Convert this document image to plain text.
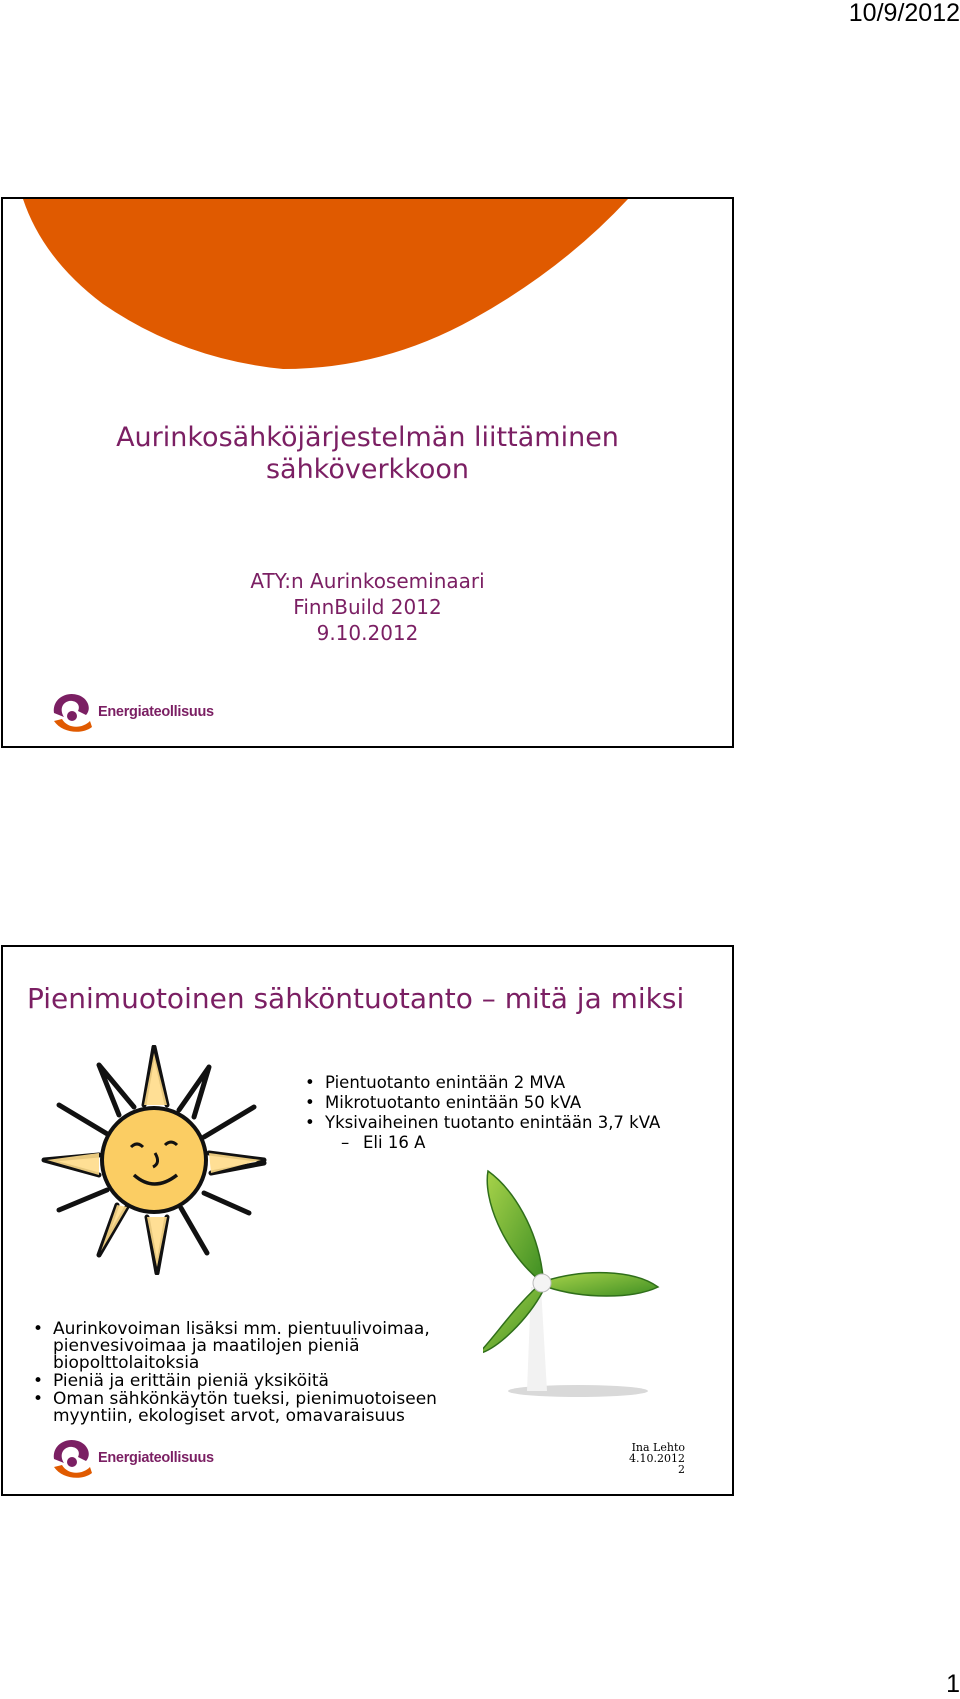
10/9/2012
Aurinkosähköjärjestelmän liittäminen
sähköverkkoon
ATY:n Aurinkoseminaari
FinnBuild 2012
9.10.2012
Energiateollisuus
Pienimuotoinen sähköntuotanto – mitä ja miksi
• Pientuotanto enintään 2 MVA
• Mikrotuotanto enintään 50 kVA
• Yksivaiheinen tuotanto enintään 3,7 kVA
– Eli 16 A
• Aurinkovoiman lisäksi mm. pientuulivoimaa, pienvesivoimaa ja maatilojen pieniä biopolttolaitoksia
• Pieniä ja erittäin pieniä yksiköitä
• Oman sähkönkäytön tueksi, pienimuotoiseen myyntiin, ekologiset arvot, omavaraisuus
Energiateollisuus
Ina Lehto
4.10.2012
2
1
